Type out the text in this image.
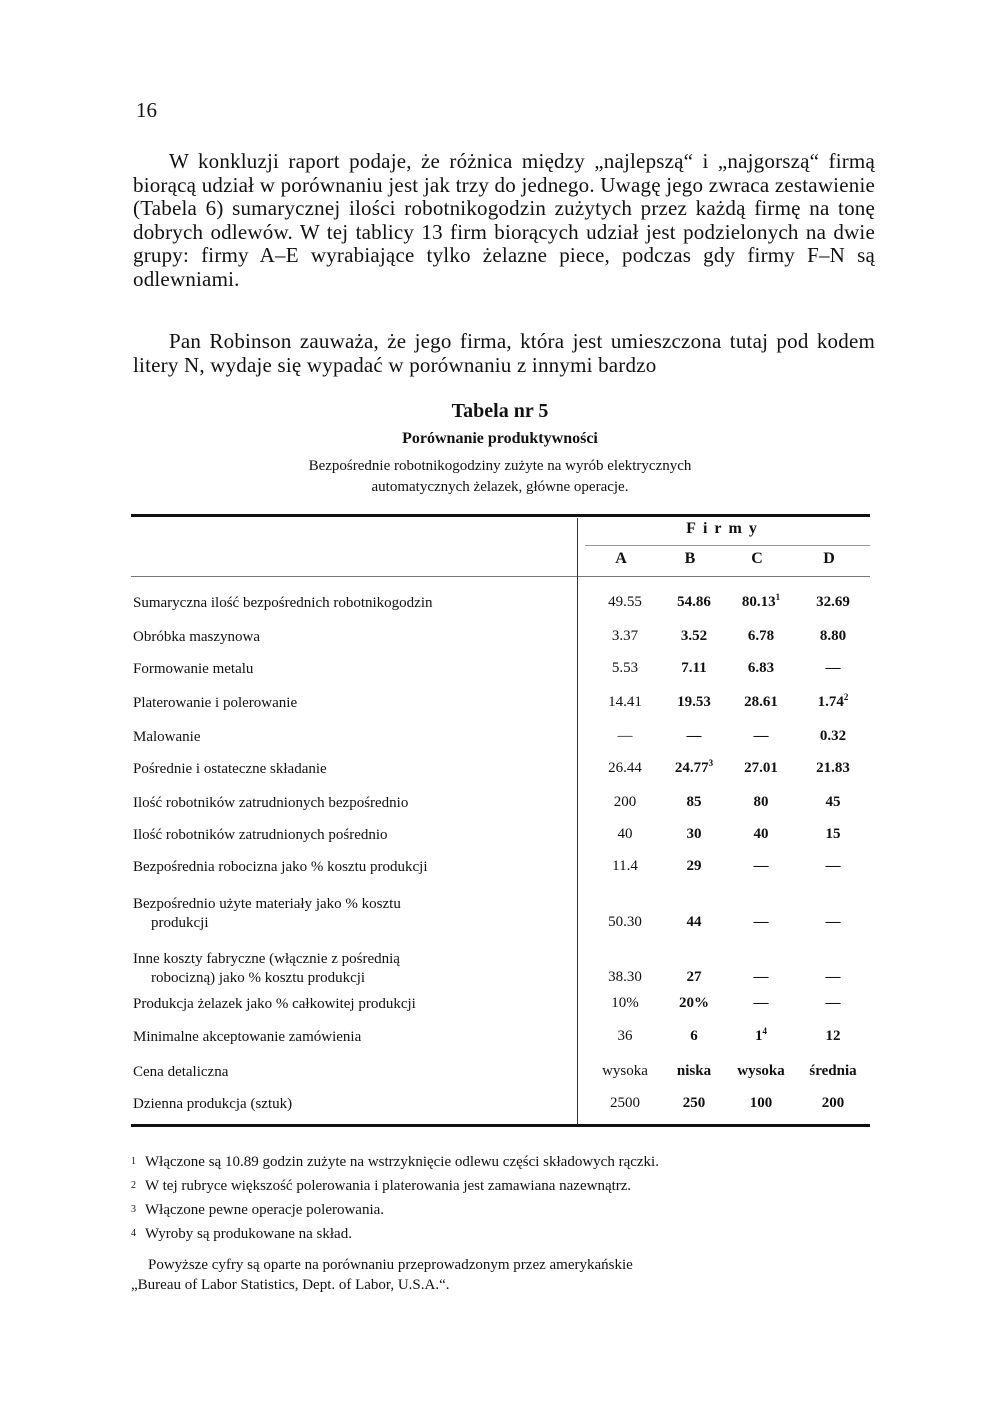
16

W konkluzji raport podaje, że różnica między „najlepszą“ i „najgorszą“ firmą biorącą udział w porównaniu jest jak trzy do jednego. Uwagę jego zwraca zestawienie (Tabela 6) sumarycznej ilości robotnikogodzin zużytych przez każdą firmę na tonę dobrych odlewów. W tej tablicy 13 firm biorących udział jest podzielonych na dwie grupy: firmy A–E wyrabiające tylko żelazne piece, podczas gdy firmy F–N są odlewniami.

Pan Robinson zauważa, że jego firma, która jest umieszczona tutaj pod kodem litery N, wydaje się wypadać w porównaniu z innymi bardzo

Tabela nr 5
Porównanie produktywności
Bezpośrednie robotnikogodziny zużyte na wyrób elektrycznych
automatycznych żelazek, główne operacje.
Firmy
A	B	C	D
Sumaryczna ilość bezpośrednich robotnikogodzin	49.55	54.86	80.13$^1$	32.69
Obróbka maszynowa	3.37	3.52	6.78	8.80
Formowanie metalu	5.53	7.11	6.83	—
Platerowanie i polerowanie	14.41	19.53	28.61	1.74$^2$
Malowanie	—	—	—	0.32
Pośrednie i ostateczne składanie	26.44	24.77$^3$	27.01	21.83
Ilość robotników zatrudnionych bezpośrednio	200	85	80	45
Ilość robotników zatrudnionych pośrednio	40	30	40	15
Bezpośrednia robocizna jako % kosztu produkcji	11.4	29	—	—
Bezpośrednio użyte materiały jako % kosztu
produkcji	50.30	44	—	—
Inne koszty fabryczne (włącznie z pośrednią
robocizną) jako % kosztu produkcji	38.30	27	—	—
Produkcja żelazek jako % całkowitej produkcji	10%	20%	—	—
Minimalne akceptowanie zamówienia	36	6	$1^4$	12
Cena detaliczna	wysoka	niska	wysoka	średnia
Dzienna produkcja (sztuk)	2500	250	100	200
1 Włączone są 10.89 godzin zużyte na wstrzyknięcie odlewu części składowych rączki.
2 W tej rubryce większość polerowania i platerowania jest zamawiana nazewnątrz.
3 Włączone pewne operacje polerowania.
4 Wyroby są produkowane na skład.
Powyższe cyfry są oparte na porównaniu przeprowadzonym przez amerykańskie
„Bureau of Labor Statistics, Dept. of Labor, U.S.A.“.
